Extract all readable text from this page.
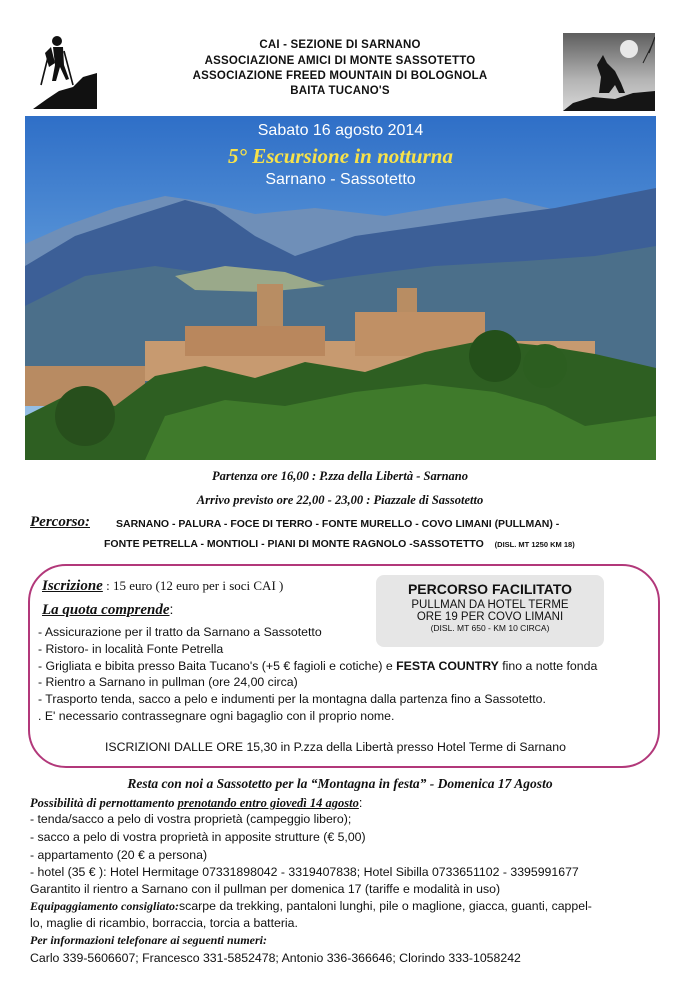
CAI - SEZIONE DI SARNANO
ASSOCIAZIONE AMICI DI MONTE SASSOTETTO
ASSOCIAZIONE FREED MOUNTAIN DI BOLOGNOLA
BAITA TUCANO'S
Sabato 16 agosto 2014
5° Escursione in notturna
Sarnano - Sassotetto
Partenza ore 16,00 : P.zza della Libertà - Sarnano
Arrivo previsto ore 22,00 - 23,00 : Piazzale di Sassotetto
Percorso: SARNANO - PALURA - FOCE DI TERRO - FONTE MURELLO - COVO LIMANI (PULLMAN) -
FONTE PETRELLA - MONTIOLI - PIANI DI MONTE RAGNOLO -SASSOTETTO (DISL. MT 1250 KM 18)
Iscrizione : 15 euro (12 euro per i soci CAI )
La quota comprende:
- Assicurazione per il tratto da Sarnano a Sassotetto
- Ristoro- in località Fonte Petrella
- Grigliata e bibita presso Baita Tucano's (+5 € fagioli e cotiche) e FESTA COUNTRY fino a notte fonda
- Rientro a Sarnano in pullman (ore 24,00 circa)
- Trasporto tenda, sacco a pelo e indumenti per la montagna dalla partenza fino a Sassotetto.
. E' necessario contrassegnare ogni bagaglio con il proprio nome.
ISCRIZIONI DALLE ORE 15,30 in P.zza della Libertà presso Hotel Terme di Sarnano
PERCORSO FACILITATO
PULLMAN DA HOTEL TERME
ORE 19 PER COVO LIMANI
(DISL. MT 650 - KM 10 CIRCA)
Resta con noi a Sassotetto per la “Montagna in festa” - Domenica 17 Agosto
Possibilità di pernottamento prenotando entro giovedì 14 agosto:
- tenda/sacco a pelo di vostra proprietà (campeggio libero);
- sacco a pelo di vostra proprietà in apposite strutture (€ 5,00)
- appartamento (20 € a persona)
- hotel (35 € ): Hotel Hermitage 07331898042 - 3319407838; Hotel Sibilla 0733651102 - 3395991677
Garantito il rientro a Sarnano con il pullman per domenica 17 (tariffe e modalità in uso)
Equipaggiamento consigliato:scarpe da trekking, pantaloni lunghi, pile o maglione, giacca, guanti, cappel-
lo, maglie di ricambio, borraccia, torcia a batteria.
Per informazioni telefonare ai seguenti numeri:
Carlo 339-5606607; Francesco 331-5852478; Antonio 336-366646; Clorindo 333-1058242
